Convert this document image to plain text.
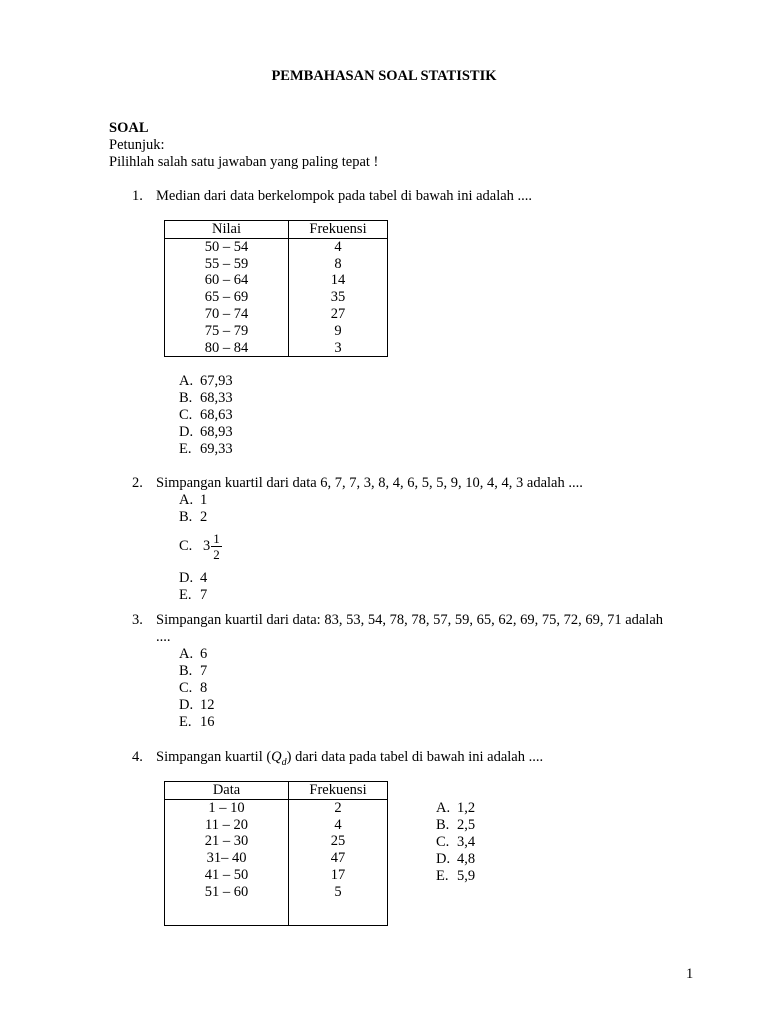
PEMBAHASAN SOAL STATISTIK
SOAL
Petunjuk:
Pilihlah salah satu jawaban yang paling tepat !
1. Median dari data berkelompok pada tabel di bawah ini adalah ....
Nilai	Frekuensi
50 – 54	4
55 – 59	8
60 – 64	14
65 – 69	35
70 – 74	27
75 – 79	9
80 – 84	3
A. 67,93
B. 68,33
C. 68,63
D. 68,93
E. 69,33
2. Simpangan kuartil dari data 6, 7, 7, 3, 8, 4, 6, 5, 5, 9, 10, 4, 4, 3 adalah ....
A. 1
B. 2
C. $3 \frac{1}{2}$
D. 4
E. 7
3. Simpangan kuartil dari data: 83, 53, 54, 78, 78, 57, 59, 65, 62, 69, 75, 72, 69, 71 adalah
....
A. 6
B. 7
C. 8
D. 12
E. 16
4. Simpangan kuartil $(Q_d)$ dari data pada tabel di bawah ini adalah ....
Data	Frekuensi
1 – 10	2
11 – 20	4
21 – 30	25
31– 40	47
41 – 50	17
51 – 60	5

A. 1,2
B. 2,5
C. 3,4
D. 4,8
E. 5,9
1
